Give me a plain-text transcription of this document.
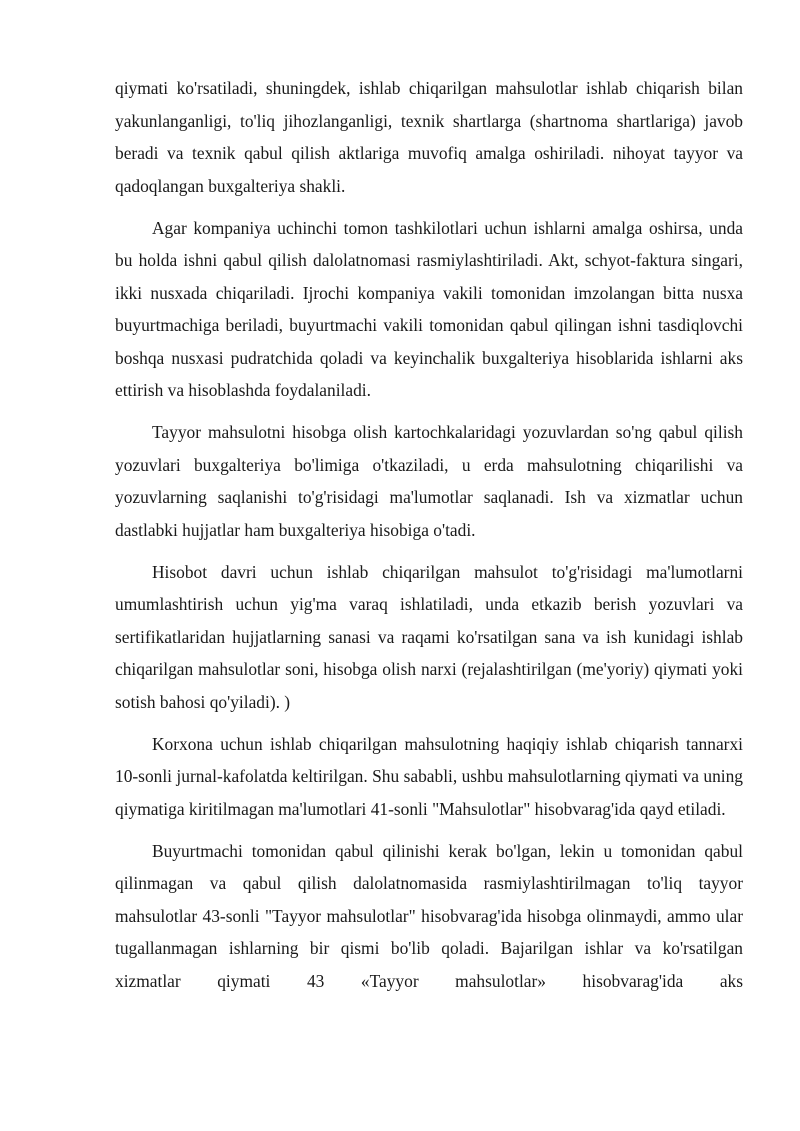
qiymati ko'rsatiladi, shuningdek, ishlab chiqarilgan mahsulotlar ishlab chiqarish bilan yakunlanganligi, to'liq jihozlanganligi, texnik shartlarga (shartnoma shartlariga) javob beradi va texnik qabul qilish aktlariga muvofiq amalga oshiriladi. nihoyat tayyor va qadoqlangan buxgalteriya shakli.

Agar kompaniya uchinchi tomon tashkilotlari uchun ishlarni amalga oshirsa, unda bu holda ishni qabul qilish dalolatnomasi rasmiylashtiriladi. Akt, schyot-faktura singari, ikki nusxada chiqariladi. Ijrochi kompaniya vakili tomonidan imzolangan bitta nusxa buyurtmachiga beriladi, buyurtmachi vakili tomonidan qabul qilingan ishni tasdiqlovchi boshqa nusxasi pudratchida qoladi va keyinchalik buxgalteriya hisoblarida ishlarni aks ettirish va hisoblashda foydalaniladi.

Tayyor mahsulotni hisobga olish kartochkalaridagi yozuvlardan so'ng qabul qilish yozuvlari buxgalteriya bo'limiga o'tkaziladi, u erda mahsulotning chiqarilishi va yozuvlarning saqlanishi to'g'risidagi ma'lumotlar saqlanadi. Ish va xizmatlar uchun dastlabki hujjatlar ham buxgalteriya hisobiga o'tadi.

Hisobot davri uchun ishlab chiqarilgan mahsulot to'g'risidagi ma'lumotlarni umumlashtirish uchun yig'ma varaq ishlatiladi, unda etkazib berish yozuvlari va sertifikatlaridan hujjatlarning sanasi va raqami ko'rsatilgan sana va ish kunidagi ishlab chiqarilgan mahsulotlar soni, hisobga olish narxi (rejalashtirilgan (me'yoriy) qiymati yoki sotish bahosi qo'yiladi). )

Korxona uchun ishlab chiqarilgan mahsulotning haqiqiy ishlab chiqarish tannarxi 10-sonli jurnal-kafolatda keltirilgan. Shu sababli, ushbu mahsulotlarning qiymati va uning qiymatiga kiritilmagan ma'lumotlari 41-sonli "Mahsulotlar" hisobvarag'ida qayd etiladi.

Buyurtmachi tomonidan qabul qilinishi kerak bo'lgan, lekin u tomonidan qabul qilinmagan va qabul qilish dalolatnomasida rasmiylashtirilmagan to'liq tayyor mahsulotlar 43-sonli "Tayyor mahsulotlar" hisobvarag'ida hisobga olinmaydi, ammo ular tugallanmagan ishlarning bir qismi bo'lib qoladi. Bajarilgan ishlar va ko'rsatilgan xizmatlar qiymati 43 «Tayyor mahsulotlar» hisobvarag'ida aks
